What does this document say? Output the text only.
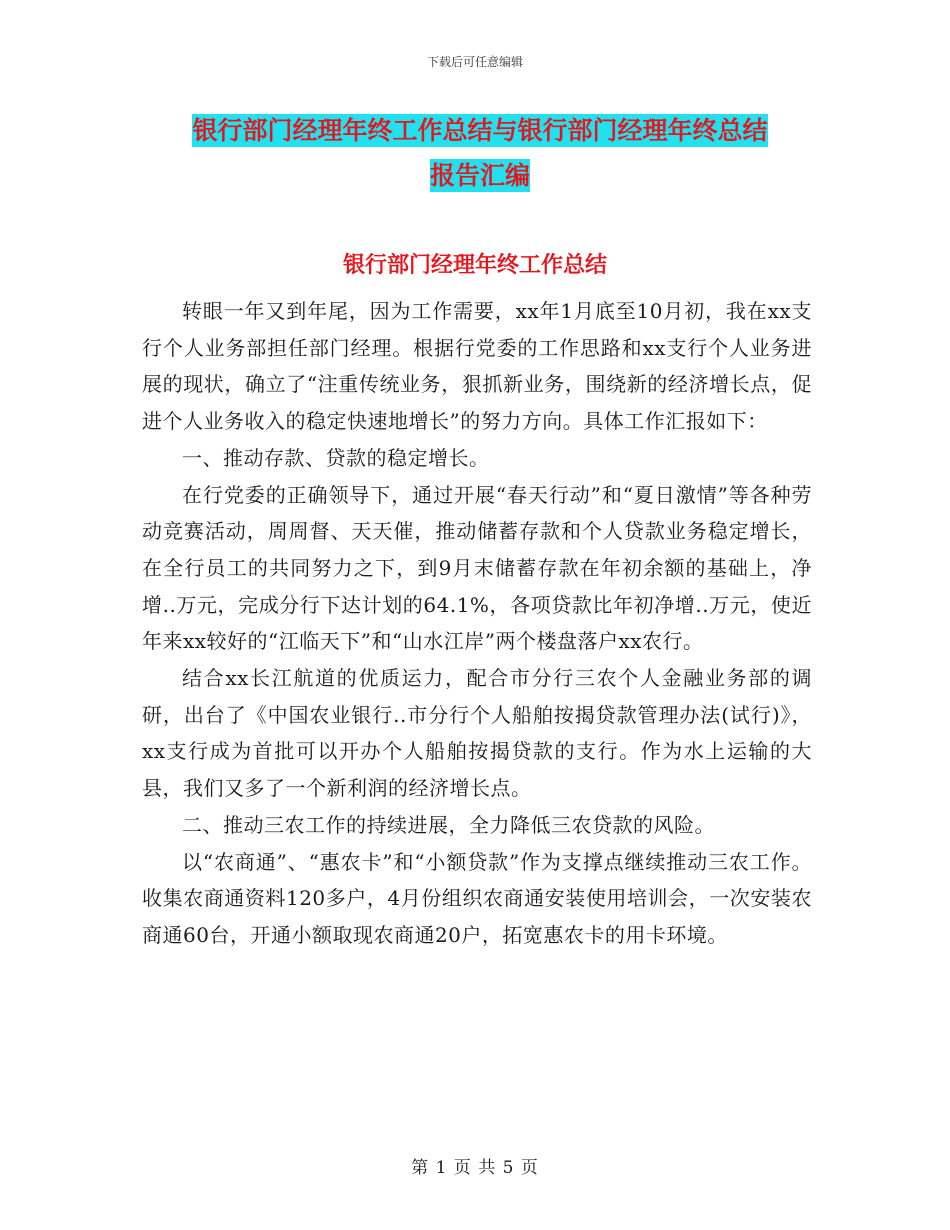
下载后可任意编辑
银行部门经理年终工作总结与银行部门经理年终总结
报告汇编
银行部门经理年终工作总结

转眼一年又到年尾，因为工作需要，xx年1月底至10月初，我在xx支行个人业务部担任部门经理。根据行党委的工作思路和xx支行个人业务进展的现状，确立了“注重传统业务，狠抓新业务，围绕新的经济增长点，促进个人业务收入的稳定快速地增长”的努力方向。具体工作汇报如下：

一、推动存款、贷款的稳定增长。

在行党委的正确领导下，通过开展“春天行动”和“夏日激情”等各种劳动竞赛活动，周周督、天天催，推动储蓄存款和个人贷款业务稳定增长，在全行员工的共同努力之下，到9月末储蓄存款在年初余额的基础上，净增..万元，完成分行下达计划的64.1%，各项贷款比年初净增..万元，使近年来xx较好的“江临天下”和“山水江岸”两个楼盘落户xx农行。

结合xx长江航道的优质运力，配合市分行三农个人金融业务部的调研，出台了《中国农业银行..市分行个人船舶按揭贷款管理办法(试行)》，xx支行成为首批可以开办个人船舶按揭贷款的支行。作为水上运输的大县，我们又多了一个新利润的经济增长点。

二、推动三农工作的持续进展，全力降低三农贷款的风险。

以“农商通”、“惠农卡”和“小额贷款”作为支撑点继续推动三农工作。收集农商通资料120多户，4月份组织农商通安装使用培训会，一次安装农商通60台，开通小额取现农商通20户，拓宽惠农卡的用卡环境。

第 1 页 共 5 页
